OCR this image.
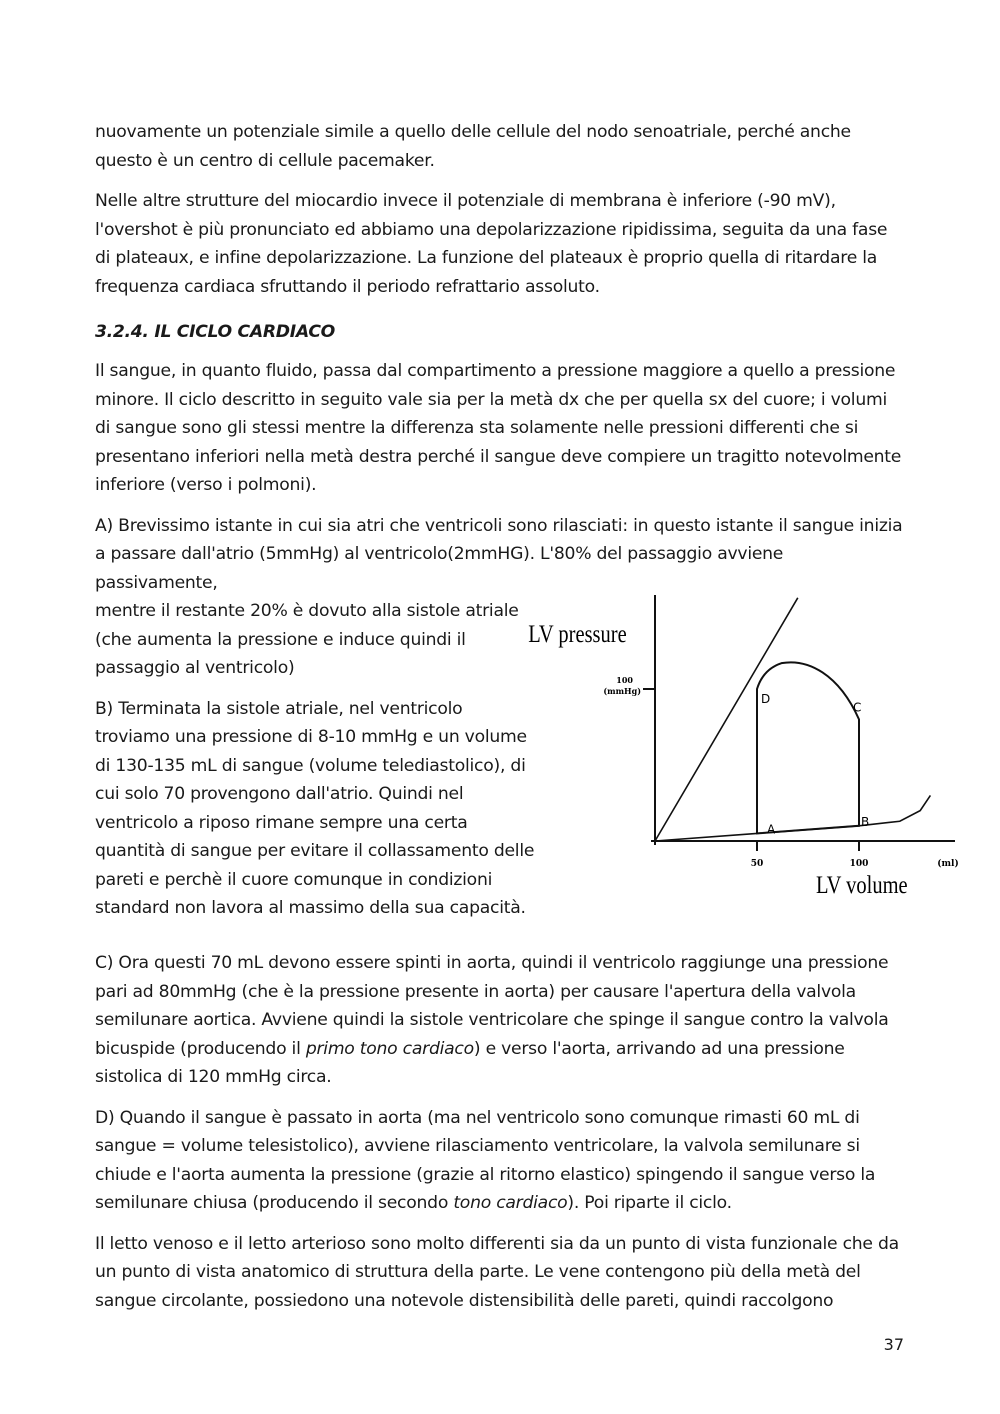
nuovamente un potenziale simile a quello delle cellule del nodo senoatriale, perché anche questo è un centro di cellule pacemaker.

Nelle altre strutture del miocardio invece il potenziale di membrana è inferiore (-90 mV), l'overshot è più pronunciato ed abbiamo una depolarizzazione ripidissima, seguita da una fase di plateaux, e infine depolarizzazione. La funzione del plateaux è proprio quella di ritardare la frequenza cardiaca sfruttando il periodo refrattario assoluto.

3.2.4. IL CICLO CARDIACO

Il sangue, in quanto fluido, passa dal compartimento a pressione maggiore a quello a pressione minore. Il ciclo descritto in seguito vale sia per la metà dx che per quella sx del cuore; i volumi di sangue sono gli stessi mentre la differenza sta solamente nelle pressioni differenti che si presentano inferiori nella metà destra perché il sangue deve compiere un tragitto notevolmente inferiore (verso i polmoni).

A) Brevissimo istante in cui sia atri che ventricoli sono rilasciati: in questo istante il sangue inizia a passare dall'atrio (5mmHg) al ventricolo(2mmHG). L'80% del passaggio avviene passivamente,

mentre il restante 20% è dovuto alla sistole atriale (che aumenta la pressione e induce quindi il passaggio al ventricolo)

B) Terminata la sistole atriale, nel ventricolo troviamo una pressione di 8-10 mmHg e un volume di 130-135 mL di sangue (volume telediastolico), di cui solo 70 provengono dall'atrio. Quindi nel ventricolo a riposo rimane sempre una certa quantità di sangue per evitare il collassamento delle pareti e perchè il cuore comunque in condizioni standard non lavora al massimo della sua capacità.

100
(mmHg)
50	100	(ml)
LV pressure
LV volume
A
B
C
D

C) Ora questi 70 mL devono essere spinti in aorta, quindi il ventricolo raggiunge una pressione pari ad 80mmHg (che è la pressione presente in aorta) per causare l'apertura della valvola semilunare aortica. Avviene quindi la sistole ventricolare che spinge il sangue contro la valvola bicuspide (producendo il primo tono cardiaco) e verso l'aorta, arrivando ad una pressione sistolica di 120 mmHg circa.

D) Quando il sangue è passato in aorta (ma nel ventricolo sono comunque rimasti 60 mL di sangue = volume telesistolico), avviene rilasciamento ventricolare, la valvola semilunare si chiude e l'aorta aumenta la pressione (grazie al ritorno elastico) spingendo il sangue verso la semilunare chiusa (producendo il secondo tono cardiaco). Poi riparte il ciclo.

Il letto venoso e il letto arterioso sono molto differenti sia da un punto di vista funzionale che da un punto di vista anatomico di struttura della parte. Le vene contengono più della metà del sangue circolante, possiedono una notevole distensibilità delle pareti, quindi raccolgono

37
